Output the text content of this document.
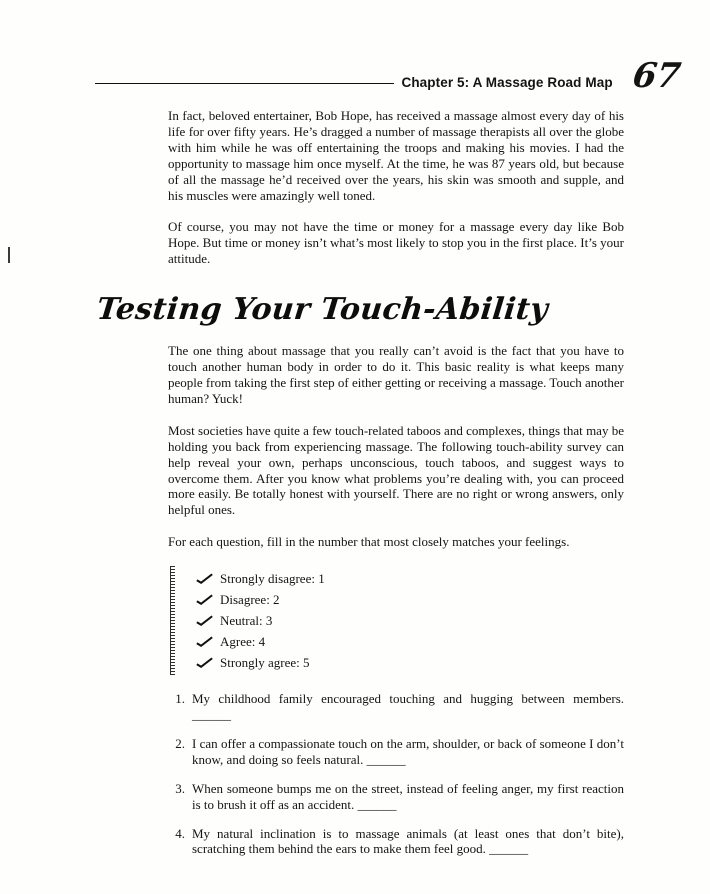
Chapter 5: A Massage Road Map 67

In fact, beloved entertainer, Bob Hope, has received a massage almost every day of his life for over fifty years. He’s dragged a number of massage therapists all over the globe with him while he was off entertaining the troops and making his movies. I had the opportunity to massage him once myself. At the time, he was 87 years old, but because of all the massage he’d received over the years, his skin was smooth and supple, and his muscles were amazingly well toned.

Of course, you may not have the time or money for a massage every day like Bob Hope. But time or money isn’t what’s most likely to stop you in the first place. It’s your attitude.

Testing Your Touch-Ability

The one thing about massage that you really can’t avoid is the fact that you have to touch another human body in order to do it. This basic reality is what keeps many people from taking the first step of either getting or receiving a massage. Touch another human? Yuck!

Most societies have quite a few touch-related taboos and complexes, things that may be holding you back from experiencing massage. The following touch-ability survey can help reveal your own, perhaps unconscious, touch taboos, and suggest ways to overcome them. After you know what problems you’re dealing with, you can proceed more easily. Be totally honest with yourself. There are no right or wrong answers, only helpful ones.

For each question, fill in the number that most closely matches your feelings.

Strongly disagree: 1
Disagree: 2
Neutral: 3
Agree: 4
Strongly agree: 5
1. My childhood family encouraged touching and hugging between members. ______
2. I can offer a compassionate touch on the arm, shoulder, or back of someone I don’t know, and doing so feels natural. ______
3. When someone bumps me on the street, instead of feeling anger, my first reaction is to brush it off as an accident. ______
4. My natural inclination is to massage animals (at least ones that don’t bite), scratching them behind the ears to make them feel good. ______
